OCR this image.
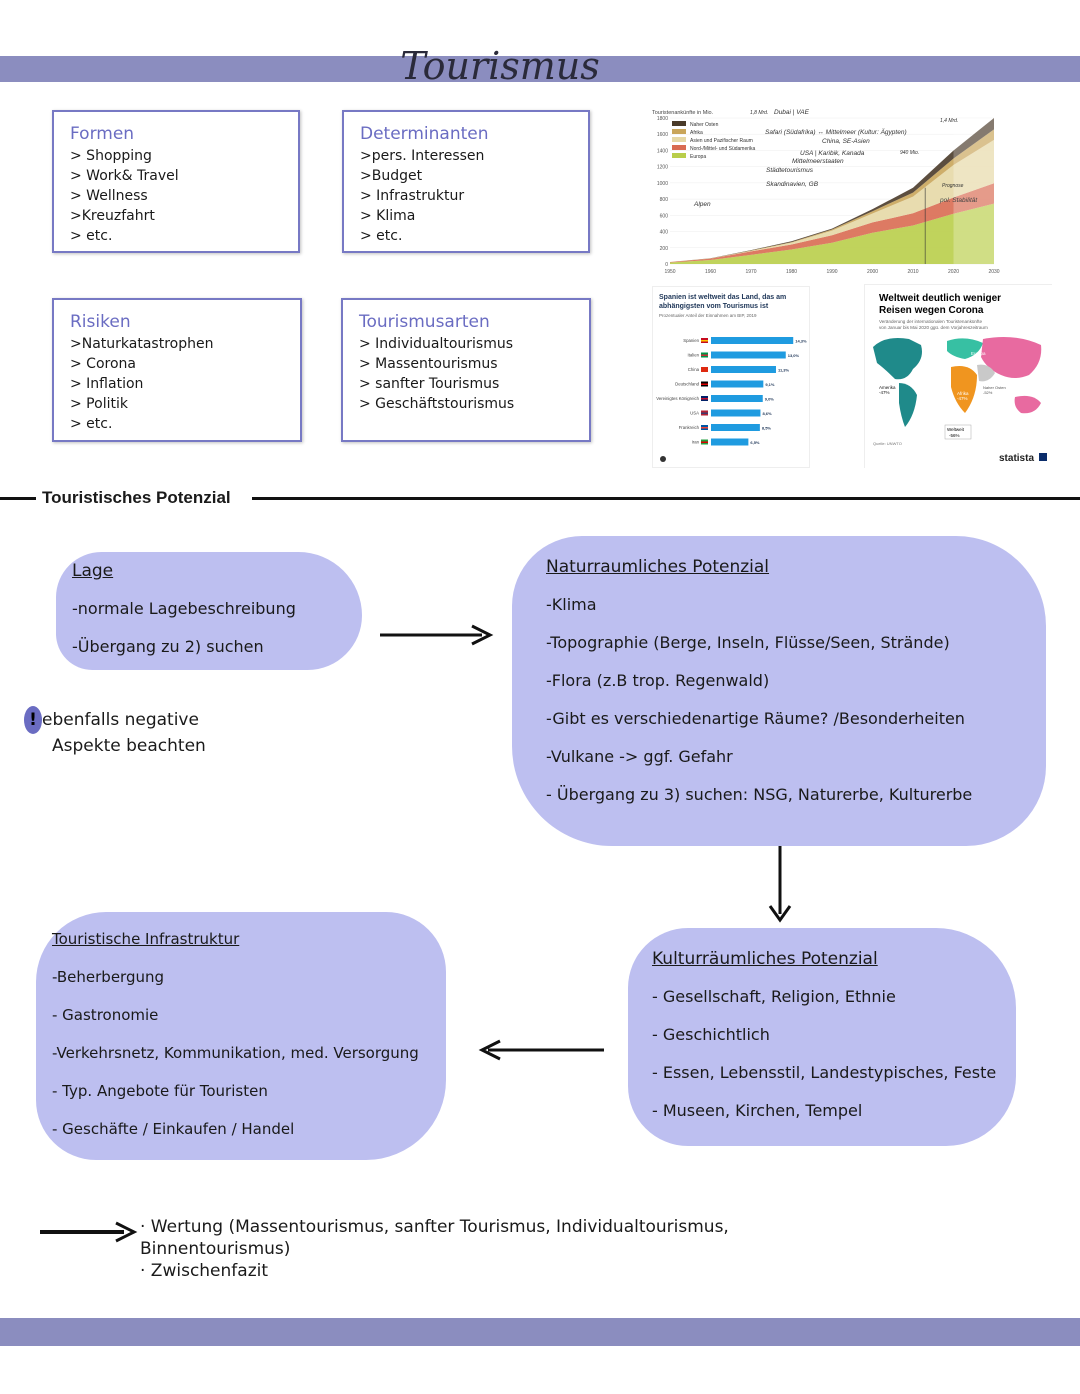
Tourismus
Formen
> Shopping
> Work& Travel
> Wellness
>Kreuzfahrt
> etc.
Determinanten
>pers. Interessen
>Budget
> Infrastruktur
> Klima
> etc.
Risiken
>Naturkatastrophen
> Corona
> Inflation
> Politik
> etc.
Tourismusarten
> Individualtourismus
> Massentourismus
> sanfter Tourismus
> Geschäftstourismus
Touristenankünfte in Mio.
0
200
400
600
800
1000
1200
1400
1600
1800
1950	1960	1970	1980	1990	2000	2010	2020	2030
Naher Osten
Afrika
Asien und Pazifischer Raum
Nord-/Mittel- und Südamerika
Europa
1,8 Mrd.
1,4 Mrd.
940 Mio.
Prognose
Dubai | VAE
Safari (Südafrika) ↔ Mittelmeer (Kultur: Ägypten)
China, SE-Asien
USA | Karibik, Kanada
Mittelmeerstaaten
Städtetourismus
Skandinavien, GB
Alpen
pol. Stabilität
Spanien ist weltweit das Land, das am
abhängigsten vom Tourismus ist
Prozentualer Anteil der Einnahmen am BIP, 2019
Spanien	14,3%
Italien	13,0%
China	11,3%
Deutschland	9,1%
Vereinigtes Königreich	9,0%
USA	8,6%
Frankreich	8,5%
Iran	6,5%
Weltweit deutlich weniger
Reisen wegen Corona
Veränderung der internationalen Touristenankünfte
von Januar bis Mai 2020 ggü. dem Vorjahreszeitraum
Europa
-58%
Amerika
-47%	Afrika
-47%
Naher Osten
-52%
Asien Pazifik
-60%
Weltweit
-56%
Quelle: UNWTO
statista
Touristisches Potenzial
Lage
-normale Lagebeschreibung
-Übergang zu 2) suchen
! ebenfalls negative
Aspekte beachten
Naturraumliches Potenzial
-Klima
-Topographie (Berge, Inseln, Flüsse/Seen, Strände)
-Flora (z.B trop. Regenwald)
-Gibt es verschiedenartige Räume? /Besonderheiten
-Vulkane -> ggf. Gefahr
- Übergang zu 3) suchen: NSG, Naturerbe, Kulturerbe
Kulturräumliches Potenzial
- Gesellschaft, Religion, Ethnie
- Geschichtlich
- Essen, Lebensstil, Landestypisches, Feste
- Museen, Kirchen, Tempel
Touristische Infrastruktur
-Beherbergung
- Gastronomie
-Verkehrsnetz, Kommunikation, med. Versorgung
- Typ. Angebote für Touristen
- Geschäfte / Einkaufen / Handel
· Wertung (Massentourismus, sanfter Tourismus, Individualtourismus,
Binnentourismus)
· Zwischenfazit
